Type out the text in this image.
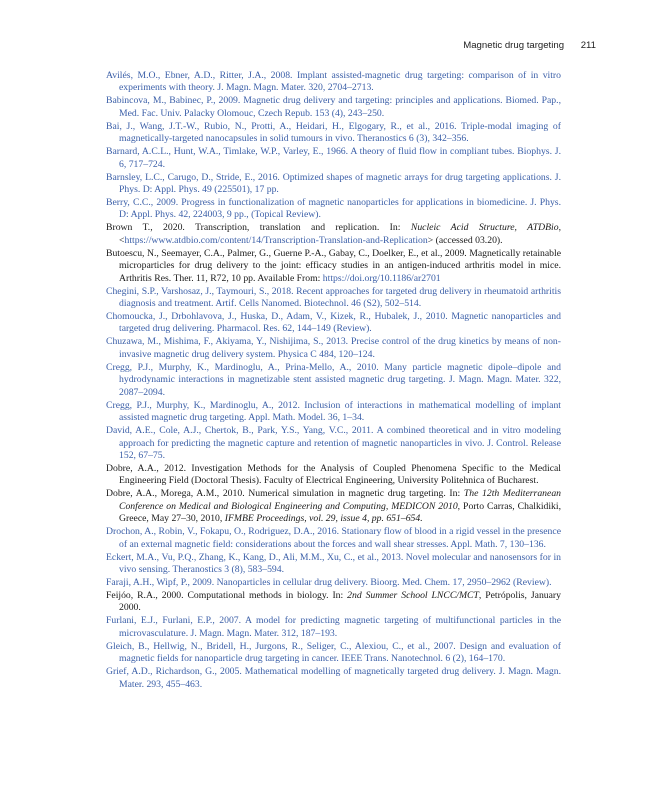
Magnetic drug targeting 211

Avilés, M.O., Ebner, A.D., Ritter, J.A., 2008. Implant assisted-magnetic drug targeting: comparison of in vitro experiments with theory. J. Magn. Magn. Mater. 320, 2704–2713.

Babincova, M., Babinec, P., 2009. Magnetic drug delivery and targeting: principles and applications. Biomed. Pap., Med. Fac. Univ. Palacky Olomouc, Czech Repub. 153 (4), 243–250.

Bai, J., Wang, J.T.-W., Rubio, N., Protti, A., Heidari, H., Elgogary, R., et al., 2016. Triple-modal imaging of magnetically-targeted nanocapsules in solid tumours in vivo. Theranostics 6 (3), 342–356.

Barnard, A.C.L., Hunt, W.A., Timlake, W.P., Varley, E., 1966. A theory of fluid flow in compliant tubes. Biophys. J. 6, 717–724.

Barnsley, L.C., Carugo, D., Stride, E., 2016. Optimized shapes of magnetic arrays for drug targeting applications. J. Phys. D: Appl. Phys. 49 (225501), 17 pp.

Berry, C.C., 2009. Progress in functionalization of magnetic nanoparticles for applications in biomedicine. J. Phys. D: Appl. Phys. 42, 224003, 9 pp., (Topical Review).

Brown T., 2020. Transcription, translation and replication. In: Nucleic Acid Structure, ATDBio, <https://www.atdbio.com/content/14/Transcription-Translation-and-Replication> (accessed 03.20).

Butoescu, N., Seemayer, C.A., Palmer, G., Guerne P.-A., Gabay, C., Doelker, E., et al., 2009. Magnetically retainable microparticles for drug delivery to the joint: efficacy studies in an antigen-induced arthritis model in mice. Arthritis Res. Ther. 11, R72, 10 pp. Available From: https://doi.org/10.1186/ar2701

Chegini, S.P., Varshosaz, J., Taymouri, S., 2018. Recent approaches for targeted drug delivery in rheumatoid arthritis diagnosis and treatment. Artif. Cells Nanomed. Biotechnol. 46 (S2), 502–514.

Chomoucka, J., Drbohlavova, J., Huska, D., Adam, V., Kizek, R., Hubalek, J., 2010. Magnetic nanoparticles and targeted drug delivering. Pharmacol. Res. 62, 144–149 (Review).

Chuzawa, M., Mishima, F., Akiyama, Y., Nishijima, S., 2013. Precise control of the drug kinetics by means of non-invasive magnetic drug delivery system. Physica C 484, 120–124.

Cregg, P.J., Murphy, K., Mardinoglu, A., Prina-Mello, A., 2010. Many particle magnetic dipole–dipole and hydrodynamic interactions in magnetizable stent assisted magnetic drug targeting. J. Magn. Magn. Mater. 322, 2087–2094.

Cregg, P.J., Murphy, K., Mardinoglu, A., 2012. Inclusion of interactions in mathematical modelling of implant assisted magnetic drug targeting. Appl. Math. Model. 36, 1–34.

David, A.E., Cole, A.J., Chertok, B., Park, Y.S., Yang, V.C., 2011. A combined theoretical and in vitro modeling approach for predicting the magnetic capture and retention of magnetic nanoparticles in vivo. J. Control. Release 152, 67–75.

Dobre, A.A., 2012. Investigation Methods for the Analysis of Coupled Phenomena Specific to the Medical Engineering Field (Doctoral Thesis). Faculty of Electrical Engineering, University Politehnica of Bucharest.

Dobre, A.A., Morega, A.M., 2010. Numerical simulation in magnetic drug targeting. In: The 12th Mediterranean Conference on Medical and Biological Engineering and Computing, MEDICON 2010, Porto Carras, Chalkidiki, Greece, May 27–30, 2010, IFMBE Proceedings, vol. 29, issue 4, pp. 651–654.

Drochon, A., Robin, V., Fokapu, O., Rodriguez, D.A., 2016. Stationary flow of blood in a rigid vessel in the presence of an external magnetic field: considerations about the forces and wall shear stresses. Appl. Math. 7, 130–136.

Eckert, M.A., Vu, P.Q., Zhang, K., Kang, D., Ali, M.M., Xu, C., et al., 2013. Novel molecular and nanosensors for in vivo sensing. Theranostics 3 (8), 583–594.

Faraji, A.H., Wipf, P., 2009. Nanoparticles in cellular drug delivery. Bioorg. Med. Chem. 17, 2950–2962 (Review).

Feijóo, R.A., 2000. Computational methods in biology. In: 2nd Summer School LNCC/MCT, Petrópolis, January 2000.

Furlani, E.J., Furlani, E.P., 2007. A model for predicting magnetic targeting of multifunctional particles in the microvasculature. J. Magn. Magn. Mater. 312, 187–193.

Gleich, B., Hellwig, N., Bridell, H., Jurgons, R., Seliger, C., Alexiou, C., et al., 2007. Design and evaluation of magnetic fields for nanoparticle drug targeting in cancer. IEEE Trans. Nanotechnol. 6 (2), 164–170.

Grief, A.D., Richardson, G., 2005. Mathematical modelling of magnetically targeted drug delivery. J. Magn. Magn. Mater. 293, 455–463.
